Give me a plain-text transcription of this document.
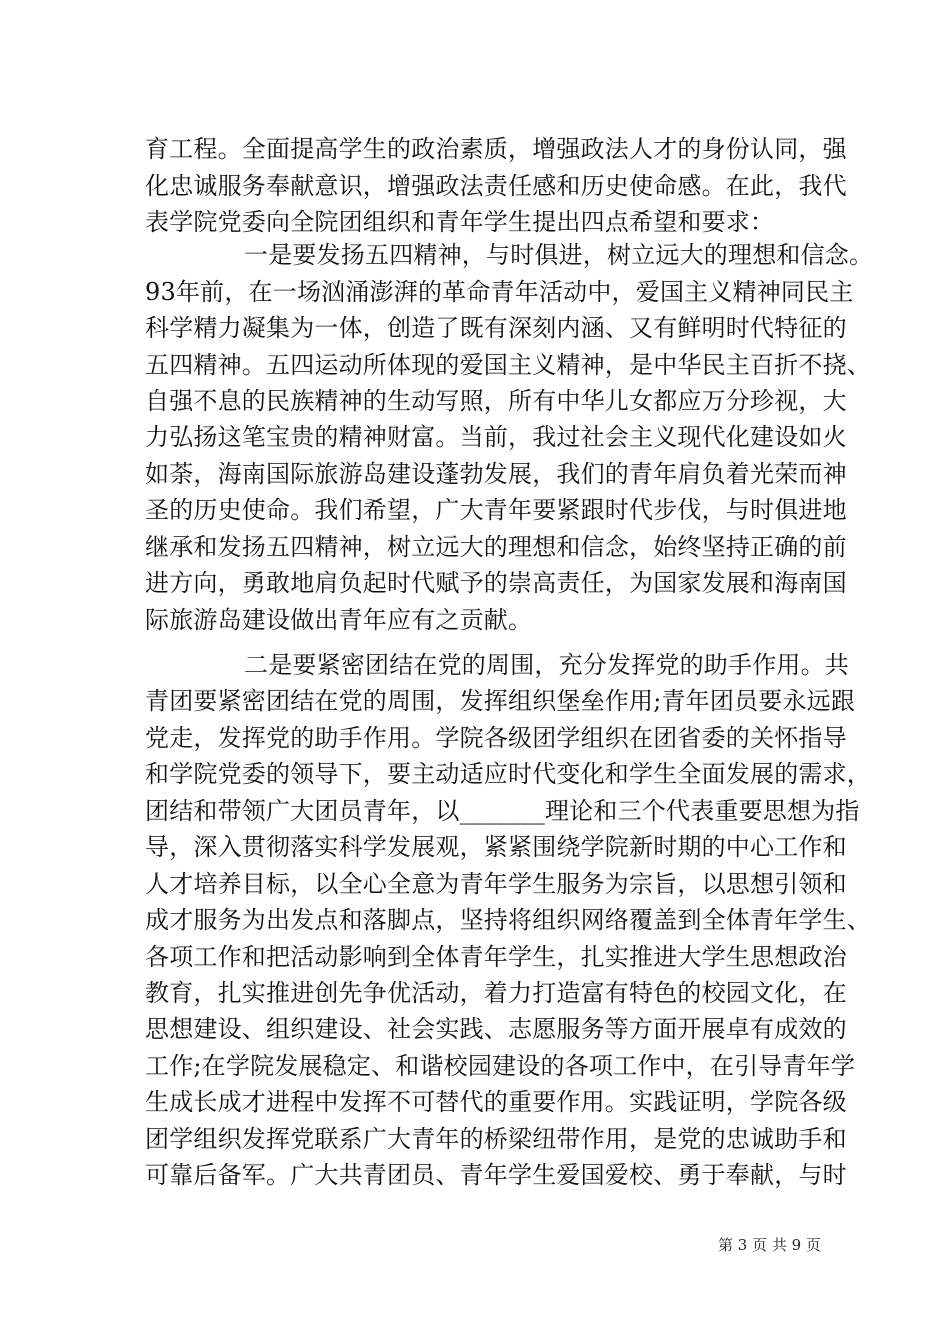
育工程。全面提高学生的政治素质，增强政法人才的身份认同，强
化忠诚服务奉献意识，增强政法责任感和历史使命感。在此，我代
表学院党委向全院团组织和青年学生提出四点希望和要求：
一是要发扬五四精神，与时俱进，树立远大的理想和信念。
93年前，在一场汹涌澎湃的革命青年活动中，爱国主义精神同民主
科学精力凝集为一体，创造了既有深刻内涵、又有鲜明时代特征的
五四精神。五四运动所体现的爱国主义精神，是中华民主百折不挠、
自强不息的民族精神的生动写照，所有中华儿女都应万分珍视，大
力弘扬这笔宝贵的精神财富。当前，我过社会主义现代化建设如火
如荼，海南国际旅游岛建设蓬勃发展，我们的青年肩负着光荣而神
圣的历史使命。我们希望，广大青年要紧跟时代步伐，与时俱进地
继承和发扬五四精神，树立远大的理想和信念，始终坚持正确的前
进方向，勇敢地肩负起时代赋予的崇高责任，为国家发展和海南国
际旅游岛建设做出青年应有之贡献。
二是要紧密团结在党的周围，充分发挥党的助手作用。共
青团要紧密团结在党的周围，发挥组织堡垒作用;青年团员要永远跟
党走，发挥党的助手作用。学院各级团学组织在团省委的关怀指导
和学院党委的领导下，要主动适应时代变化和学生全面发展的需求，
团结和带领广大团员青年，以_______理论和三个代表重要思想为指
导，深入贯彻落实科学发展观，紧紧围绕学院新时期的中心工作和
人才培养目标，以全心全意为青年学生服务为宗旨，以思想引领和
成才服务为出发点和落脚点，坚持将组织网络覆盖到全体青年学生、
各项工作和把活动影响到全体青年学生，扎实推进大学生思想政治
教育，扎实推进创先争优活动，着力打造富有特色的校园文化，在
思想建设、组织建设、社会实践、志愿服务等方面开展卓有成效的
工作;在学院发展稳定、和谐校园建设的各项工作中，在引导青年学
生成长成才进程中发挥不可替代的重要作用。实践证明，学院各级
团学组织发挥党联系广大青年的桥梁纽带作用，是党的忠诚助手和
可靠后备军。广大共青团员、青年学生爱国爱校、勇于奉献，与时
第 3 页 共 9 页
